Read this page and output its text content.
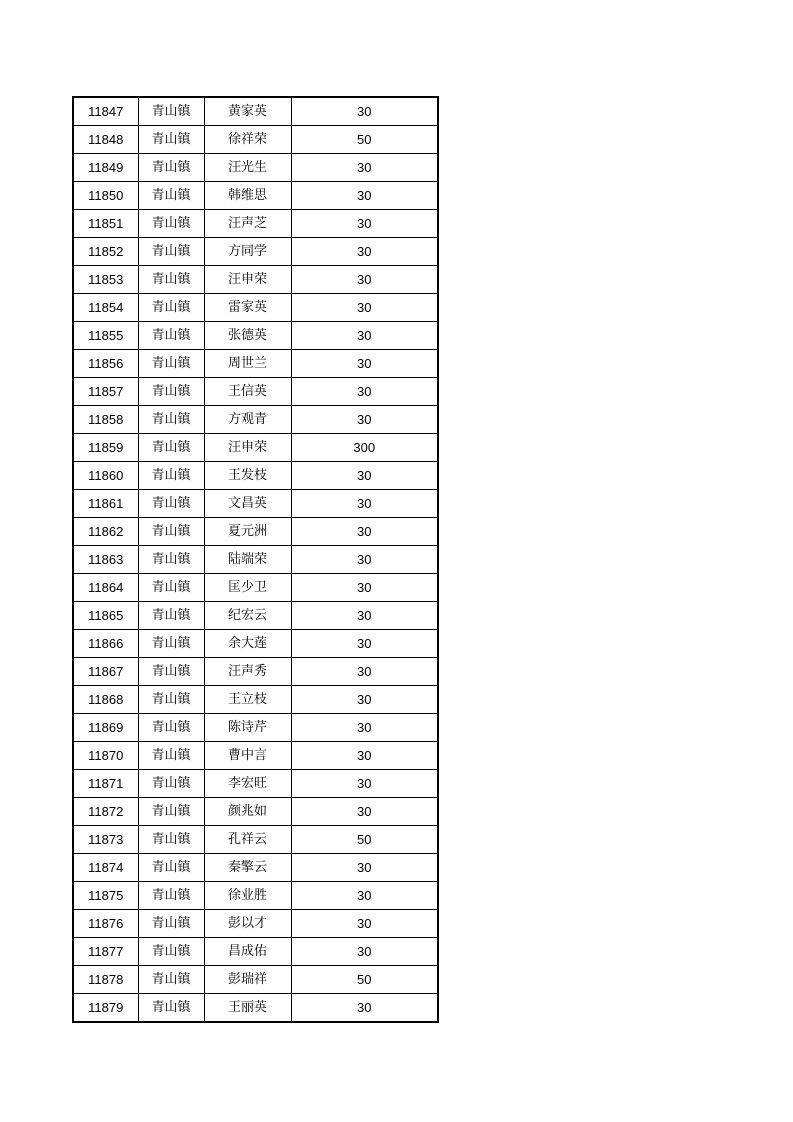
11847	青山镇	黄家英	30
11848	青山镇	徐祥荣	50
11849	青山镇	汪光生	30
11850	青山镇	韩维思	30
11851	青山镇	汪声芝	30
11852	青山镇	方同学	30
11853	青山镇	汪申荣	30
11854	青山镇	雷家英	30
11855	青山镇	张德英	30
11856	青山镇	周世兰	30
11857	青山镇	王信英	30
11858	青山镇	方观青	30
11859	青山镇	汪申荣	300
11860	青山镇	王发枝	30
11861	青山镇	文昌英	30
11862	青山镇	夏元洲	30
11863	青山镇	陆端荣	30
11864	青山镇	匡少卫	30
11865	青山镇	纪宏云	30
11866	青山镇	余大莲	30
11867	青山镇	汪声秀	30
11868	青山镇	王立枝	30
11869	青山镇	陈诗芹	30
11870	青山镇	曹中言	30
11871	青山镇	李宏旺	30
11872	青山镇	颜兆如	30
11873	青山镇	孔祥云	50
11874	青山镇	秦擎云	30
11875	青山镇	徐业胜	30
11876	青山镇	彭以才	30
11877	青山镇	昌成佑	30
11878	青山镇	彭瑞祥	50
11879	青山镇	王丽英	30
